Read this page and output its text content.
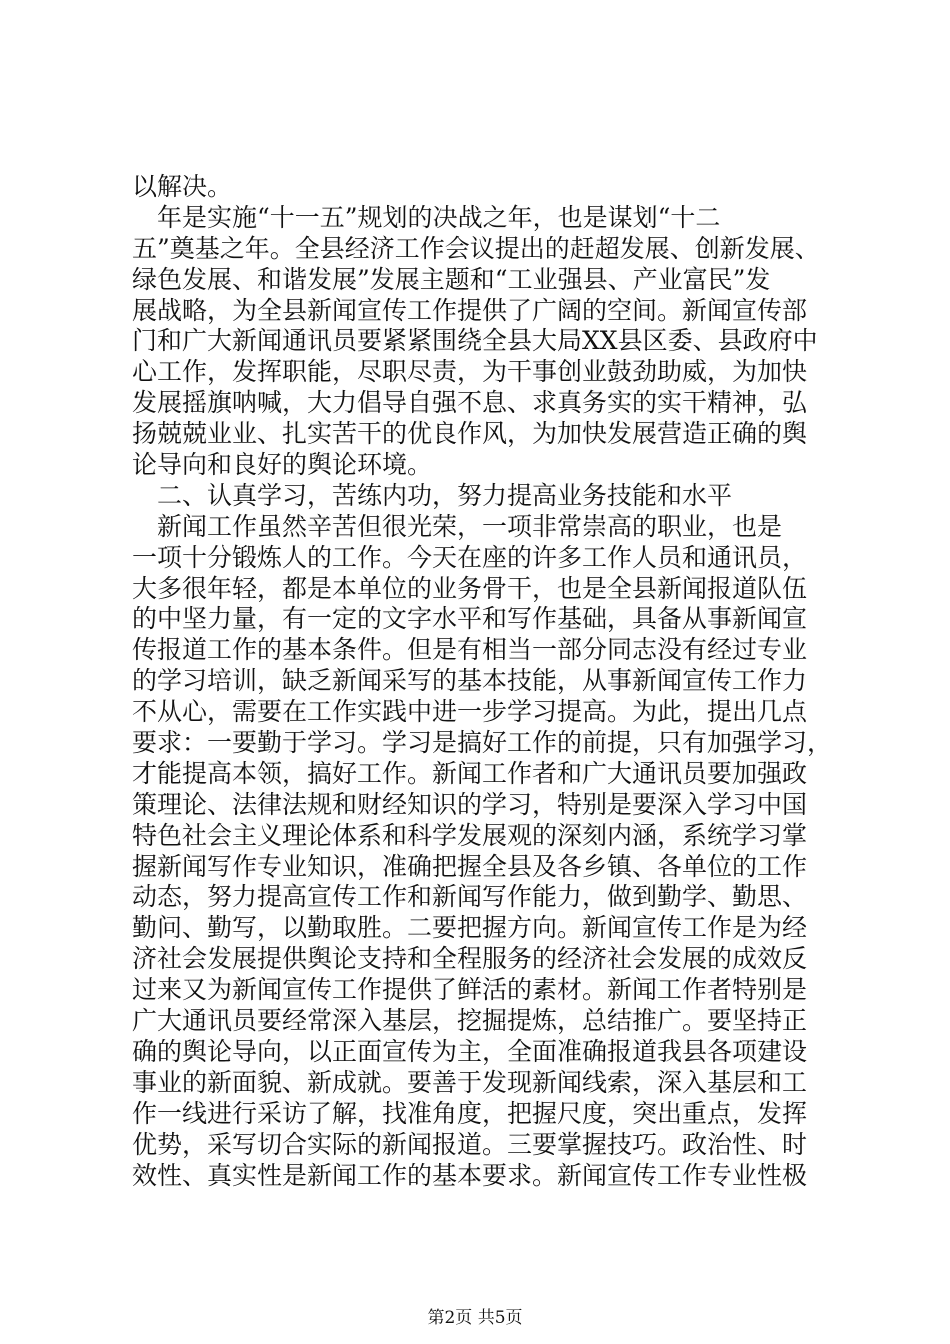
以解决。
　年是实施“十一五”规划的决战之年，也是谋划“十二
五”奠基之年。全县经济工作会议提出的赶超发展、创新发展、
绿色发展、和谐发展”发展主题和“工业强县、产业富民”发
展战略，为全县新闻宣传工作提供了广阔的空间。新闻宣传部
门和广大新闻通讯员要紧紧围绕全县大局XX县区委、县政府中
心工作，发挥职能，尽职尽责，为干事创业鼓劲助威，为加快
发展摇旗呐喊，大力倡导自强不息、求真务实的实干精神，弘
扬兢兢业业、扎实苦干的优良作风，为加快发展营造正确的舆
论导向和良好的舆论环境。
　二、认真学习，苦练内功，努力提高业务技能和水平
　新闻工作虽然辛苦但很光荣，一项非常崇高的职业，也是
一项十分锻炼人的工作。今天在座的许多工作人员和通讯员，
大多很年轻，都是本单位的业务骨干，也是全县新闻报道队伍
的中坚力量，有一定的文字水平和写作基础，具备从事新闻宣
传报道工作的基本条件。但是有相当一部分同志没有经过专业
的学习培训，缺乏新闻采写的基本技能，从事新闻宣传工作力
不从心，需要在工作实践中进一步学习提高。为此，提出几点
要求：一要勤于学习。学习是搞好工作的前提，只有加强学习，
才能提高本领，搞好工作。新闻工作者和广大通讯员要加强政
策理论、法律法规和财经知识的学习，特别是要深入学习中国
特色社会主义理论体系和科学发展观的深刻内涵，系统学习掌
握新闻写作专业知识，准确把握全县及各乡镇、各单位的工作
动态，努力提高宣传工作和新闻写作能力，做到勤学、勤思、
勤问、勤写，以勤取胜。二要把握方向。新闻宣传工作是为经
济社会发展提供舆论支持和全程服务的经济社会发展的成效反
过来又为新闻宣传工作提供了鲜活的素材。新闻工作者特别是
广大通讯员要经常深入基层，挖掘提炼，总结推广。要坚持正
确的舆论导向，以正面宣传为主，全面准确报道我县各项建设
事业的新面貌、新成就。要善于发现新闻线索，深入基层和工
作一线进行采访了解，找准角度，把握尺度，突出重点，发挥
优势，采写切合实际的新闻报道。三要掌握技巧。政治性、时
效性、真实性是新闻工作的基本要求。新闻宣传工作专业性极
第2页 共5页
